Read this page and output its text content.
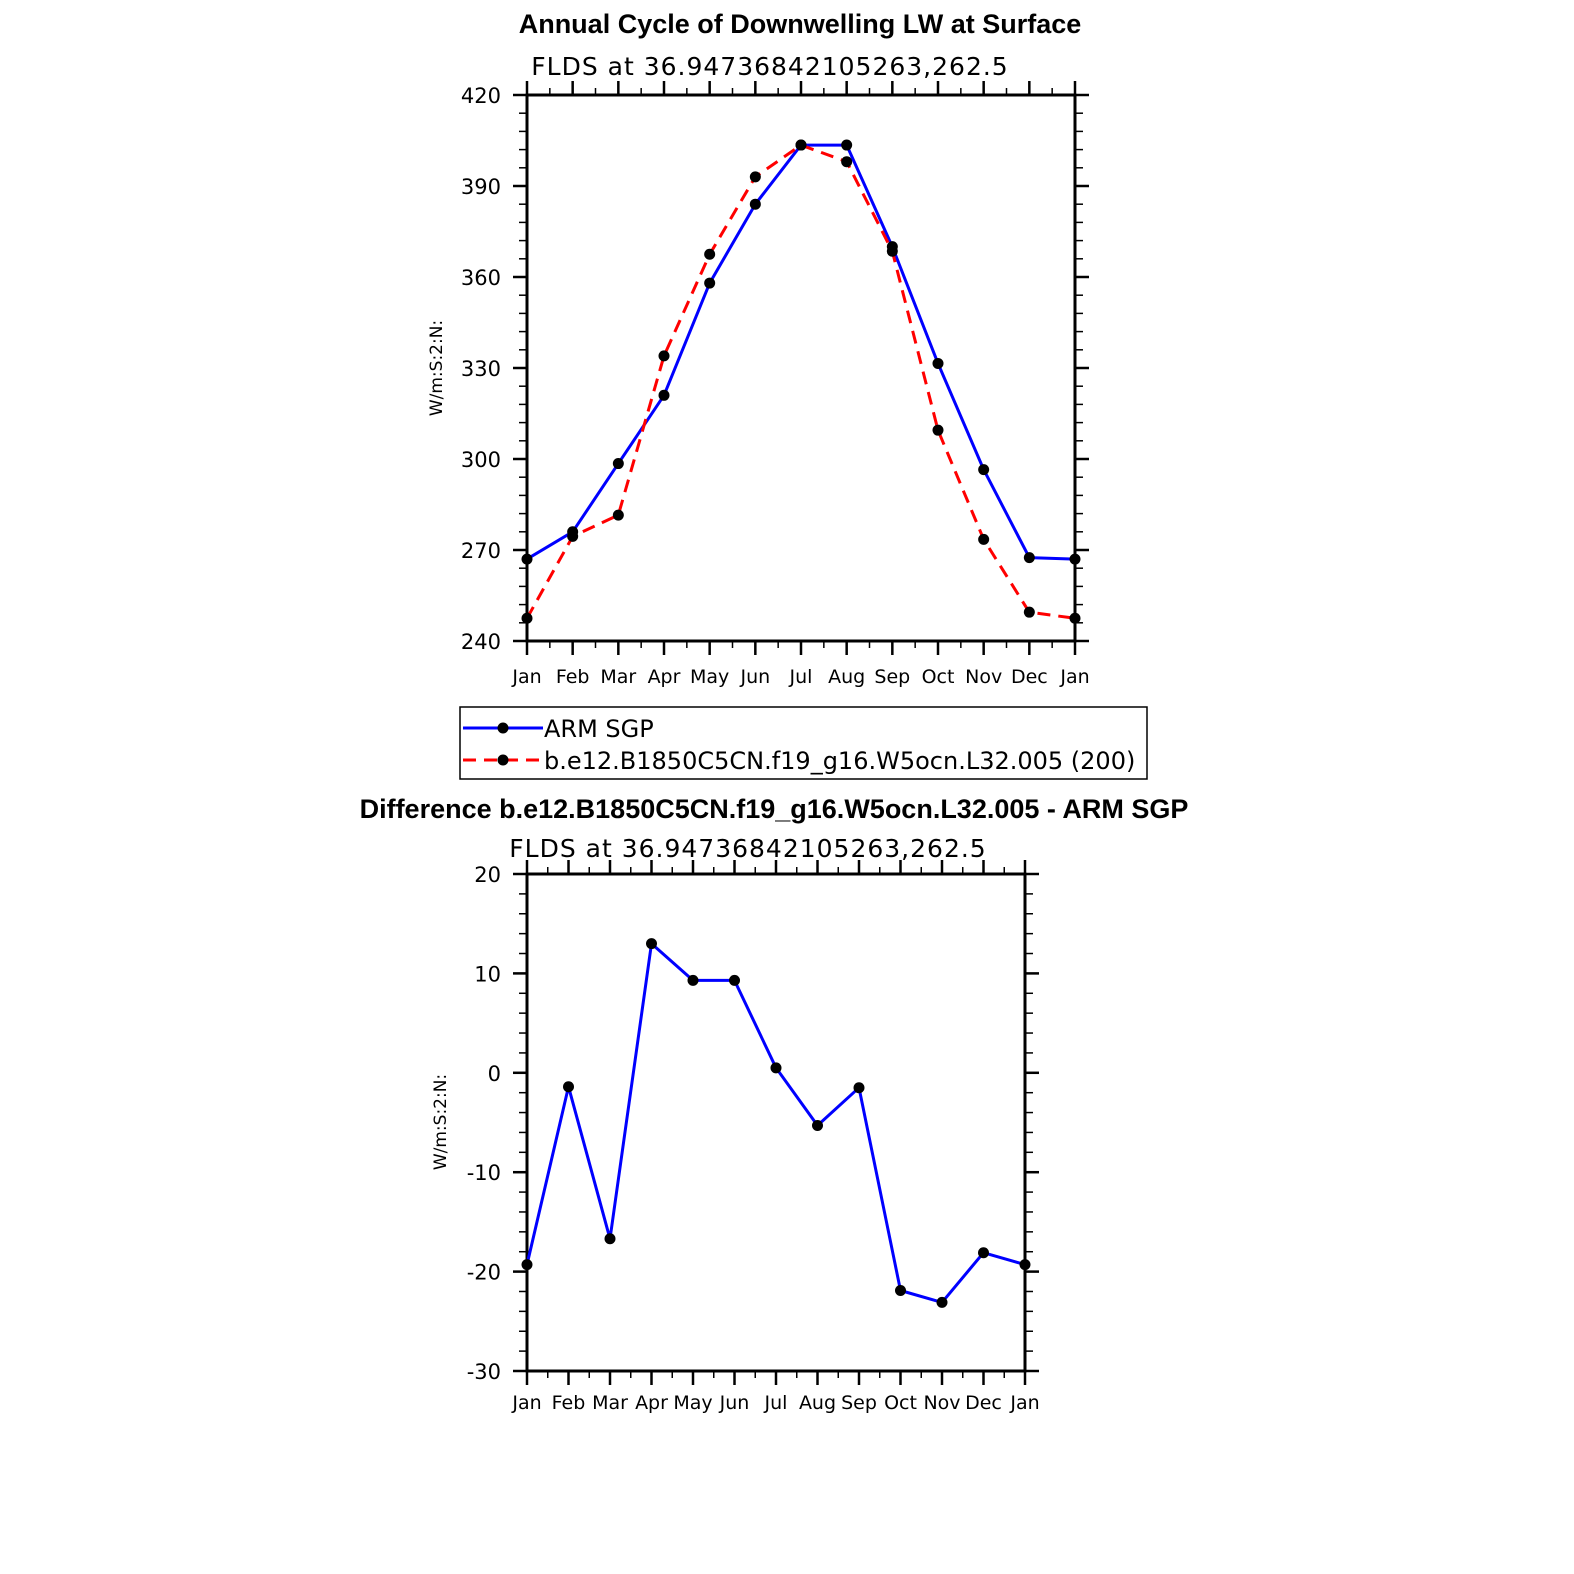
Annual Cycle of Downwelling LW at Surface
FLDS at 36.94736842105263,262.5
W/m:S:2:N:
240
270
300
330
360
390
420
Jan Feb Mar Apr May Jun Jul Aug Sep Oct Nov Dec Jan
ARM SGP
b.e12.B1850C5CN.f19_g16.W5ocn.L32.005 (200)
Difference b.e12.B1850C5CN.f19_g16.W5ocn.L32.005 - ARM SGP
FLDS at 36.94736842105263,262.5
W/m:S:2:N:
-30
-20
-10
0
10
20
Jan Feb Mar Apr May Jun Jul Aug Sep Oct Nov Dec Jan
